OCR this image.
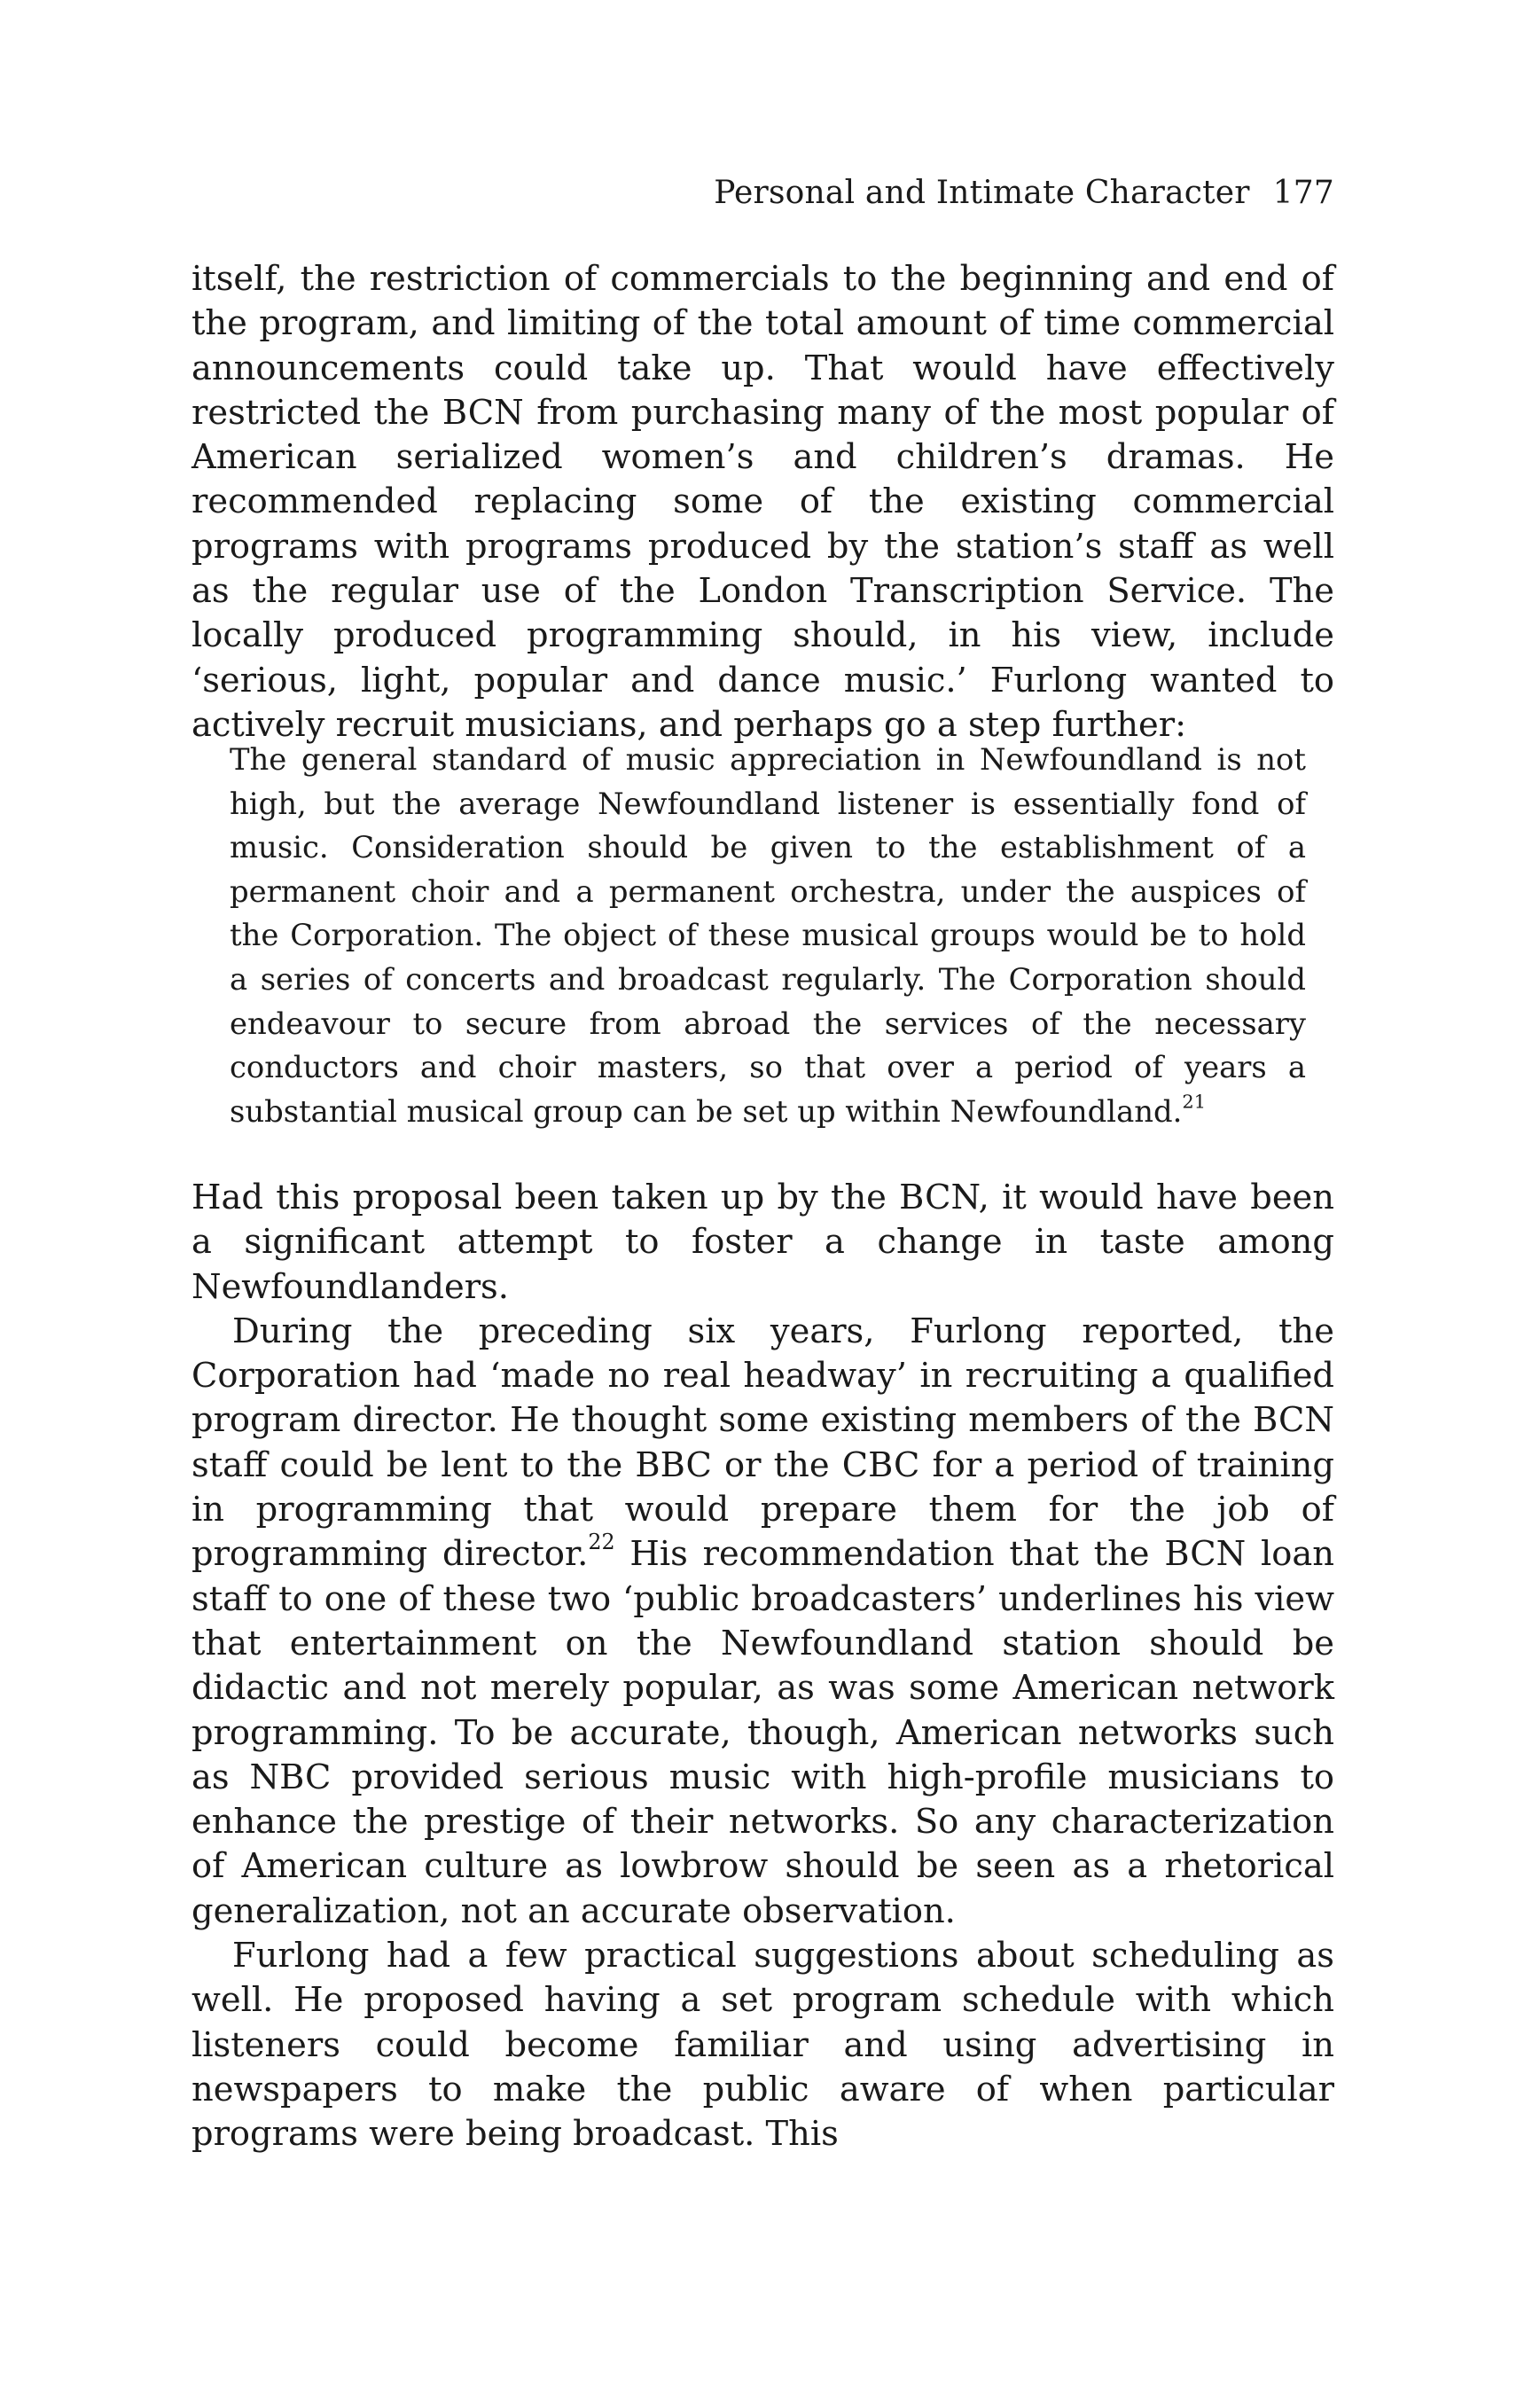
Personal and Intimate Character 177

itself, the restriction of commercials to the beginning and end of the program, and limiting of the total amount of time commercial announcements could take up. That would have effectively restricted the BCN from purchasing many of the most popular of American serialized women’s and children’s dramas. He recommended replacing some of the existing commercial programs with programs produced by the station’s staff as well as the regular use of the London Transcription Service. The locally produced programming should, in his view, include ‘serious, light, popular and dance music.’ Furlong wanted to actively recruit musicians, and perhaps go a step further:

The general standard of music appreciation in Newfoundland is not high, but the average Newfoundland listener is essentially fond of music. Consideration should be given to the establishment of a permanent choir and a permanent orchestra, under the auspices of the Corporation. The object of these musical groups would be to hold a series of concerts and broadcast regularly. The Corporation should endeavour to secure from abroad the services of the necessary conductors and choir masters, so that over a period of years a substantial musical group can be set up within Newfoundland.$^{21}$

Had this proposal been taken up by the BCN, it would have been a significant attempt to foster a change in taste among Newfoundlanders.

During the preceding six years, Furlong reported, the Corporation had ‘made no real headway’ in recruiting a qualified program director. He thought some existing members of the BCN staff could be lent to the BBC or the CBC for a period of training in programming that would prepare them for the job of programming director.$^{22}$ His recommendation that the BCN loan staff to one of these two ‘public broadcasters’ underlines his view that entertainment on the Newfoundland station should be didactic and not merely popular, as was some American network programming. To be accurate, though, American networks such as NBC provided serious music with high-profile musicians to enhance the prestige of their networks. So any characterization of American culture as lowbrow should be seen as a rhetorical generalization, not an accurate observation.

Furlong had a few practical suggestions about scheduling as well. He proposed having a set program schedule with which listeners could become familiar and using advertising in newspapers to make the public aware of when particular programs were being broadcast. This
